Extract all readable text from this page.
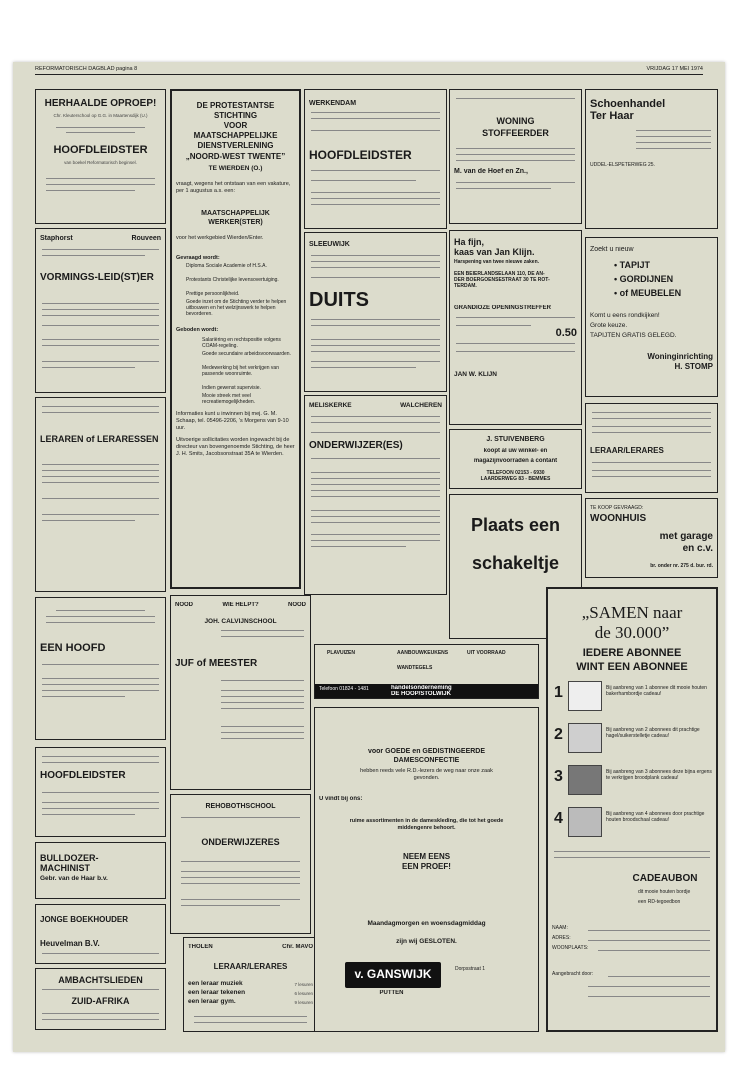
REFORMATORISCH DAGBLAD pagina 8	VRIJDAG 17 MEI 1974
HERHAALDE OPROEP!
Chr. Kleuterschool op G.G. in Maartensdijk (U.)
HOOFDLEIDSTER
van boekel Reformatorisch beginsel.
Staphorst	Rouveen
VORMINGS-LEID(ST)ER
LERAREN of LERARESSEN
EEN HOOFD
HOOFDLEIDSTER
BULLDOZER-
MACHINIST
Gebr. van de Haar b.v.
JONGE BOEKHOUDER
Heuvelman B.V.
AMBACHTSLIEDEN
ZUID-AFRIKA
DE PROTESTANTSE
STICHTING
VOOR
MAATSCHAPPELIJKE
DIENSTVERLENING
„NOORD-WEST TWENTE”
TE WIERDEN (O.)
vraagt, wegens het ontstaan van een vakature, per 1 augustus a.s. een:
MAATSCHAPPELIJK WERKER(STER)
voor het werkgebied Wierden/Enter.
Gevraagd wordt:
Diploma Sociale Academie of H.S.A.
Protestants Christelijke levensovertuiging.
Prettige persoonlijkheid.
Goede inzet om de Stichting verder te helpen uitbouwen en het welzijnswerk te helpen bevorderen.
Geboden wordt:
Salariëring en rechtspositie volgens COAM-regeling.
Goede secundaire arbeidsvoorwaarden.
Medewerking bij het verkrijgen van passende woonruimte.
Indien gewenst supervisie.
Mooie streek met veel recreatiemogelijkheden.
Informaties kunt u inwinnen bij mej. G. M. Schaap, tel. 05496-2206, 's Morgens van 9-10 uur.
Uitvoerige sollicitaties worden ingewacht bij de directeur van bovengenoemde Stichting, de heer J. H. Smits, Jacobsonstraat 35A te Wierden.
NOOD	WIE HELPT?	NOOD
JOH. CALVIJNSCHOOL
JUF of MEESTER
REHOBOTHSCHOOL
ONDERWIJZERES
THOLEN	Chr. MAVO
LERAAR/LERARES
een leraar muziek	7 lesuren
een leraar tekenen	6 lesuren
een leraar gym.	9 lesuren
WERKENDAM
HOOFDLEIDSTER
SLEEUWIJK
DUITS
MELISKERKE	WALCHEREN
ONDERWIJZER(ES)
PLAVUIZEN	AANBOUWKEUKENS	UIT VOORRAAD
WANDTEGELS
Telefoon 01824 - 1481	handelsonderneming
DE HOOP/STOLWIJK
voor GOEDE en GEDISTINGEERDE
DAMESCONFECTIE
hebben reeds vele R.D.-lezers de weg naar onze zaak gevonden.
U vindt bij ons:
ruime assortimenten in de dameskleding, die tot het goede middengenre behoort.
NEEM EENS
EEN PROEF!
Maandagmorgen en woensdagmiddag
zijn wij GESLOTEN.
v. GANSWIJK
PUTTEN
Dorpsstraat 1
WONING
STOFFEERDER
M. van de Hoef en Zn.,
Ha fijn,
kaas van Jan Klijn.
Harspening van twee nieuwe zaken.
EEN BEIERLANDSELAAN 110, DE AN-
DER BOERGOENSESTRAAT 30 TE ROT-
TERDAM.
GRANDIOZE OPENINGSTREFFER
0.50
JAN W. KLIJN
J. STUIVENBERG
koopt al uw winkel- en
magazijnvoorraden à contant
TELEFOON 02153 - 6930
LAARDERWEG 83 - BEMMES
Plaats een
schakeltje
Schoenhandel
Ter Haar
UDDEL-ELSPETERWEG 25.
Zoekt u nieuw
• TAPIJT
• GORDIJNEN
• of MEUBELEN
Komt u eens rondkijken!
Grote keuze.
TAPIJTEN GRATIS GELEGD.
Woninginrichting
H. STOMP
LERAAR/LERARES
TE KOOP GEVRAAGD:
WOONHUIS
met garage
en c.v.
br. onder nr. 275 d. bur. rd.
„SAMEN naar
de 30.000”
IEDERE ABONNEE
WINT EEN ABONNEE
1	Bij aanbreng van 1 abonnee dit mooie houten bakerhambordje cadeau!
2	Bij aanbreng van 2 abonnees dit prachtige hagel/suikerstelletje cadeau!
3	Bij aanbreng van 3 abonnees deze bijna ergens te verkrijgen broodplank cadeau!
4	Bij aanbreng van 4 abonnees door prachtige houten broodschaal cadeau!
CADEAUBON
dit mooie houten bordje
een RD-tegoedbon
NAAM:
ADRES:
WOONPLAATS:
Aangebracht door:
